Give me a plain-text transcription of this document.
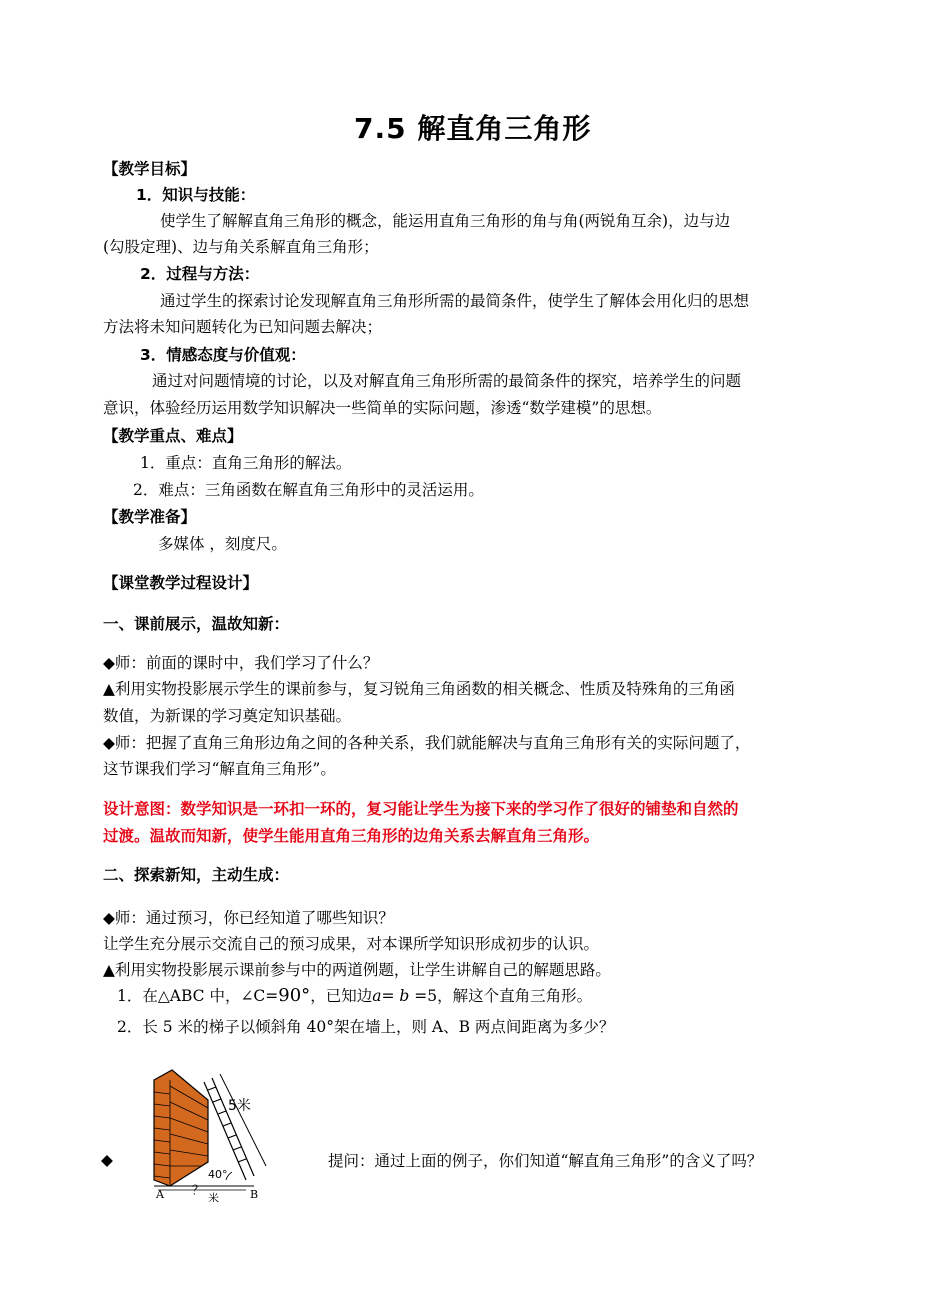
7.5 解直角三角形
【教学目标】
1．知识与技能：
使学生了解解直角三角形的概念，能运用直角三角形的角与角(两锐角互余)，边与边
(勾股定理)、边与角关系解直角三角形；
2．过程与方法：
通过学生的探索讨论发现解直角三角形所需的最简条件，使学生了解体会用化归的思想
方法将未知问题转化为已知问题去解决；
3．情感态度与价值观：
通过对问题情境的讨论，以及对解直角三角形所需的最简条件的探究，培养学生的问题
意识，体验经历运用数学知识解决一些简单的实际问题，渗透“数学建模”的思想。
【教学重点、难点】
1．重点：直角三角形的解法。
2．难点：三角函数在解直角三角形中的灵活运用。
【教学准备】
多媒体 ，刻度尺。
【课堂教学过程设计】
一、课前展示，温故知新：
◆师：前面的课时中，我们学习了什么？
▲利用实物投影展示学生的课前参与，复习锐角三角函数的相关概念、性质及特殊角的三角函
数值，为新课的学习奠定知识基础。
◆师：把握了直角三角形边角之间的各种关系，我们就能解决与直角三角形有关的实际问题了，
这节课我们学习“解直角三角形”。
设计意图：数学知识是一环扣一环的，复习能让学生为接下来的学习作了很好的铺垫和自然的
过渡。温故而知新，使学生能用直角三角形的边角关系去解直角三角形。
二、探索新知，主动生成：
◆师：通过预习，你已经知道了哪些知识？
让学生充分展示交流自己的预习成果，对本课所学知识形成初步的认识。
▲利用实物投影展示课前参与中的两道例题，让学生讲解自己的解题思路。
1．在△ABC 中，∠C=90°，已知边a= b =5，解这个直角三角形。
2．长 5 米的梯子以倾斜角 40°架在墙上，则 A、B 两点间距离为多少？
5米
40°
A	B
？
米
◆	提问：通过上面的例子，你们知道“解直角三角形”的含义了吗？
